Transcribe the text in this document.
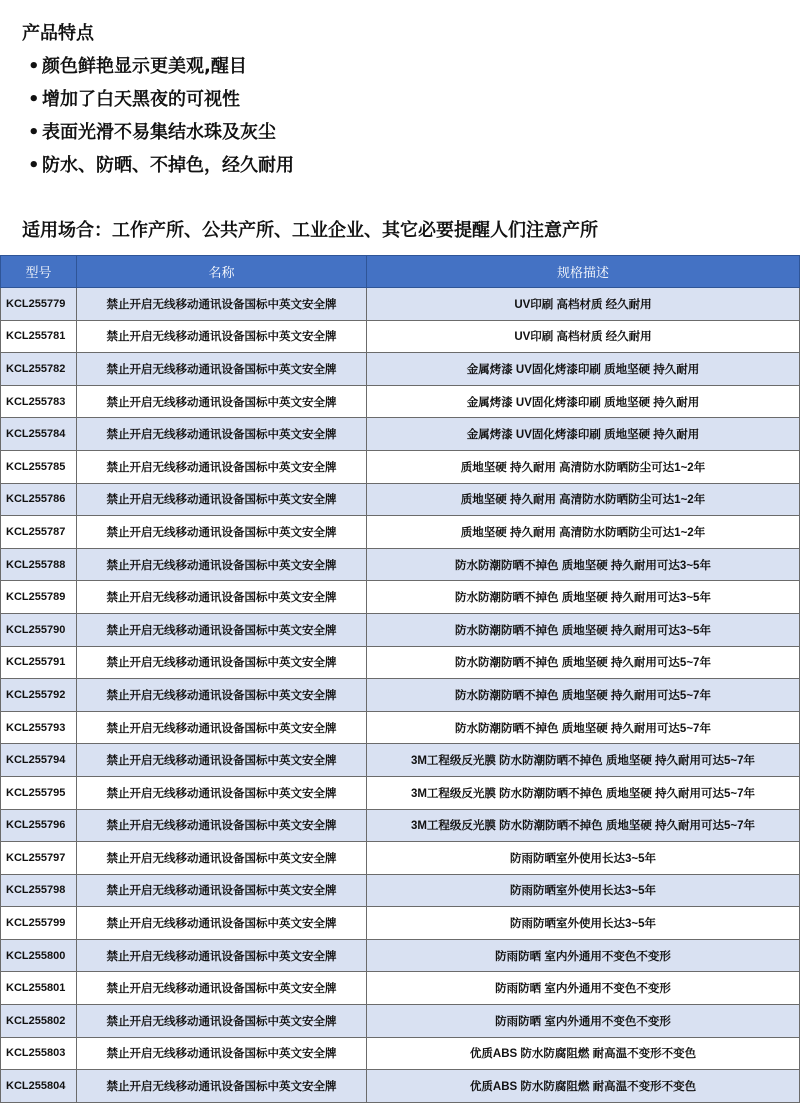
产品特点
• 颜色鲜艳显示更美观,醒目
• 增加了白天黑夜的可视性
• 表面光滑不易集结水珠及灰尘
• 防水、防晒、不掉色，经久耐用
适用场合：工作产所、公共产所、工业企业、其它必要提醒人们注意产所
型号	名称	规格描述
KCL255779	禁止开启无线移动通讯设备国标中英文安全牌	UV印刷 高档材质 经久耐用
KCL255781	禁止开启无线移动通讯设备国标中英文安全牌	UV印刷 高档材质 经久耐用
KCL255782	禁止开启无线移动通讯设备国标中英文安全牌	金属烤漆 UV固化烤漆印刷 质地坚硬 持久耐用
KCL255783	禁止开启无线移动通讯设备国标中英文安全牌	金属烤漆 UV固化烤漆印刷 质地坚硬 持久耐用
KCL255784	禁止开启无线移动通讯设备国标中英文安全牌	金属烤漆 UV固化烤漆印刷 质地坚硬 持久耐用
KCL255785	禁止开启无线移动通讯设备国标中英文安全牌	质地坚硬 持久耐用 高清防水防晒防尘可达1~2年
KCL255786	禁止开启无线移动通讯设备国标中英文安全牌	质地坚硬 持久耐用 高清防水防晒防尘可达1~2年
KCL255787	禁止开启无线移动通讯设备国标中英文安全牌	质地坚硬 持久耐用 高清防水防晒防尘可达1~2年
KCL255788	禁止开启无线移动通讯设备国标中英文安全牌	防水防潮防晒不掉色 质地坚硬 持久耐用可达3~5年
KCL255789	禁止开启无线移动通讯设备国标中英文安全牌	防水防潮防晒不掉色 质地坚硬 持久耐用可达3~5年
KCL255790	禁止开启无线移动通讯设备国标中英文安全牌	防水防潮防晒不掉色 质地坚硬 持久耐用可达3~5年
KCL255791	禁止开启无线移动通讯设备国标中英文安全牌	防水防潮防晒不掉色 质地坚硬 持久耐用可达5~7年
KCL255792	禁止开启无线移动通讯设备国标中英文安全牌	防水防潮防晒不掉色 质地坚硬 持久耐用可达5~7年
KCL255793	禁止开启无线移动通讯设备国标中英文安全牌	防水防潮防晒不掉色 质地坚硬 持久耐用可达5~7年
KCL255794	禁止开启无线移动通讯设备国标中英文安全牌	3M工程级反光膜 防水防潮防晒不掉色 质地坚硬 持久耐用可达5~7年
KCL255795	禁止开启无线移动通讯设备国标中英文安全牌	3M工程级反光膜 防水防潮防晒不掉色 质地坚硬 持久耐用可达5~7年
KCL255796	禁止开启无线移动通讯设备国标中英文安全牌	3M工程级反光膜 防水防潮防晒不掉色 质地坚硬 持久耐用可达5~7年
KCL255797	禁止开启无线移动通讯设备国标中英文安全牌	防雨防晒室外使用长达3~5年
KCL255798	禁止开启无线移动通讯设备国标中英文安全牌	防雨防晒室外使用长达3~5年
KCL255799	禁止开启无线移动通讯设备国标中英文安全牌	防雨防晒室外使用长达3~5年
KCL255800	禁止开启无线移动通讯设备国标中英文安全牌	防雨防晒 室内外通用不变色不变形
KCL255801	禁止开启无线移动通讯设备国标中英文安全牌	防雨防晒 室内外通用不变色不变形
KCL255802	禁止开启无线移动通讯设备国标中英文安全牌	防雨防晒 室内外通用不变色不变形
KCL255803	禁止开启无线移动通讯设备国标中英文安全牌	优质ABS 防水防腐阻燃 耐高温不变形不变色
KCL255804	禁止开启无线移动通讯设备国标中英文安全牌	优质ABS 防水防腐阻燃 耐高温不变形不变色
